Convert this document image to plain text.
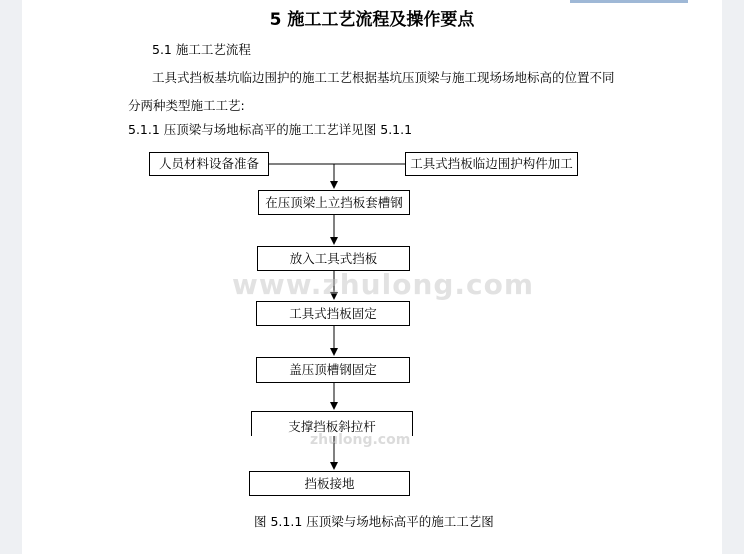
5 施工工艺流程及操作要点
5.1 施工工艺流程
工具式挡板基坑临边围护的施工工艺根据基坑压顶梁与施工现场场地标高的位置不同
分两种类型施工工艺:
5.1.1 压顶梁与场地标高平的施工工艺详见图 5.1.1
人员材料设备准备	工具式挡板临边围护构件加工
在压顶梁上立挡板套槽钢
放入工具式挡板
工具式挡板固定
盖压顶槽钢固定
支撑挡板斜拉杆
挡板接地
www.zhulong.com
zhulong.com
图 5.1.1 压顶梁与场地标高平的施工工艺图
